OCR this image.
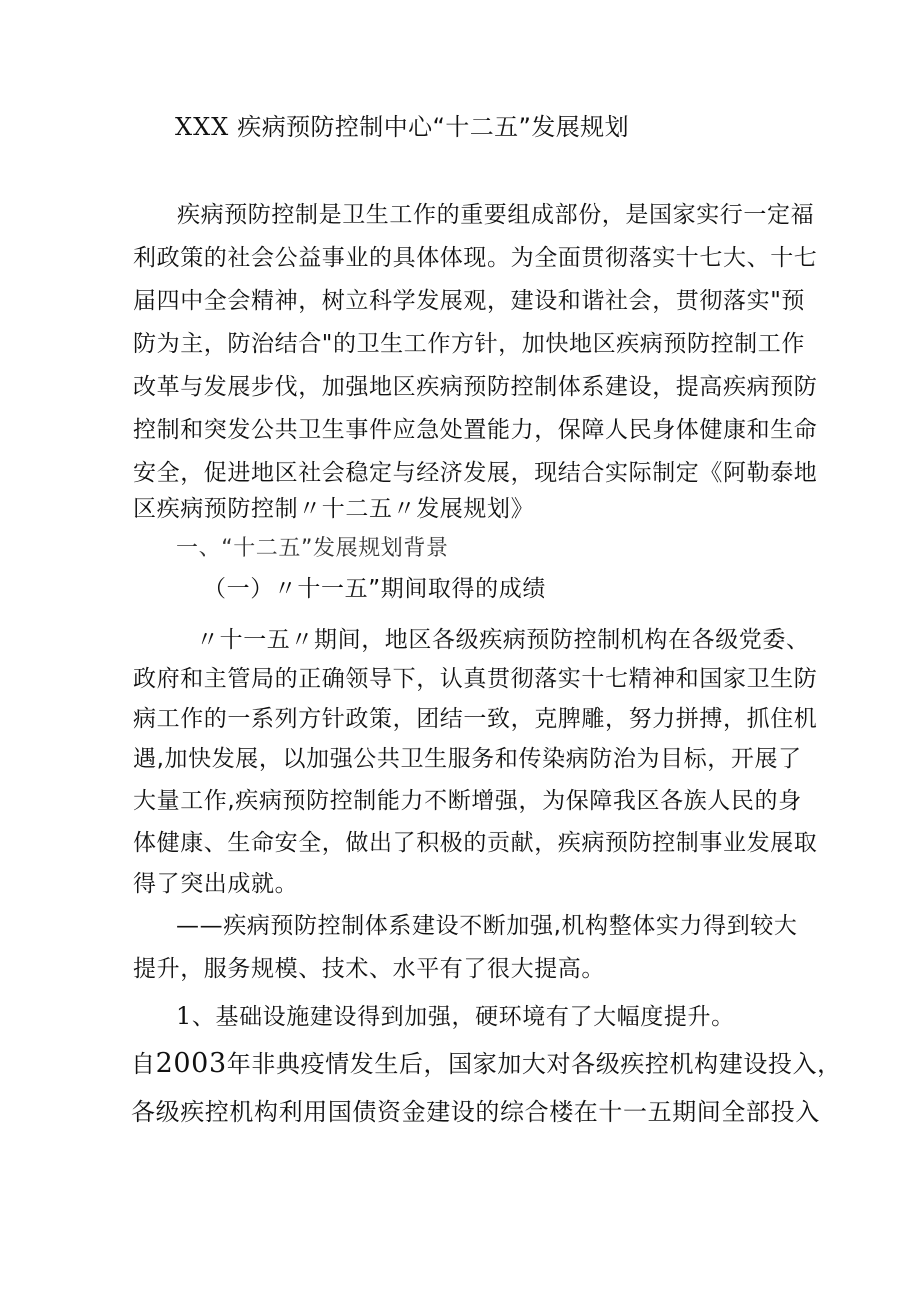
XXX 疾病预防控制中心“十二五”发展规划
疾病预防控制是卫生工作的重要组成部份，是国家实行一定福
利政策的社会公益事业的具体体现。为全面贯彻落实十七大、十七
届四中全会精神，树立科学发展观，建设和谐社会，贯彻落实"预
防为主，防治结合"的卫生工作方针，加快地区疾病预防控制工作
改革与发展步伐，加强地区疾病预防控制体系建设，提高疾病预防
控制和突发公共卫生事件应急处置能力，保障人民身体健康和生命
安全，促进地区社会稳定与经济发展，现结合实际制定《阿勒泰地
区疾病预防控制〃十二五〃发展规划》
一、“十二五”发展规划背景
（一）〃十一五”期间取得的成绩
〃十一五〃期间，地区各级疾病预防控制机构在各级党委、
政府和主管局的正确领导下，认真贯彻落实十七精神和国家卫生防
病工作的一系列方针政策，团结一致，克脾雕，努力拼搏，抓住机
遇,加快发展，以加强公共卫生服务和传染病防治为目标，开展了
大量工作,疾病预防控制能力不断增强，为保障我区各族人民的身
体健康、生命安全，做出了积极的贡献，疾病预防控制事业发展取
得了突出成就。
——疾病预防控制体系建设不断加强,机构整体实力得到较大
提升，服务规模、技术、水平有了很大提高。
1、基础设施建设得到加强，硬环境有了大幅度提升。
自2003年非典疫情发生后，国家加大对各级疾控机构建设投入，
各级疾控机构利用国债资金建设的综合楼在十一五期间全部投入
